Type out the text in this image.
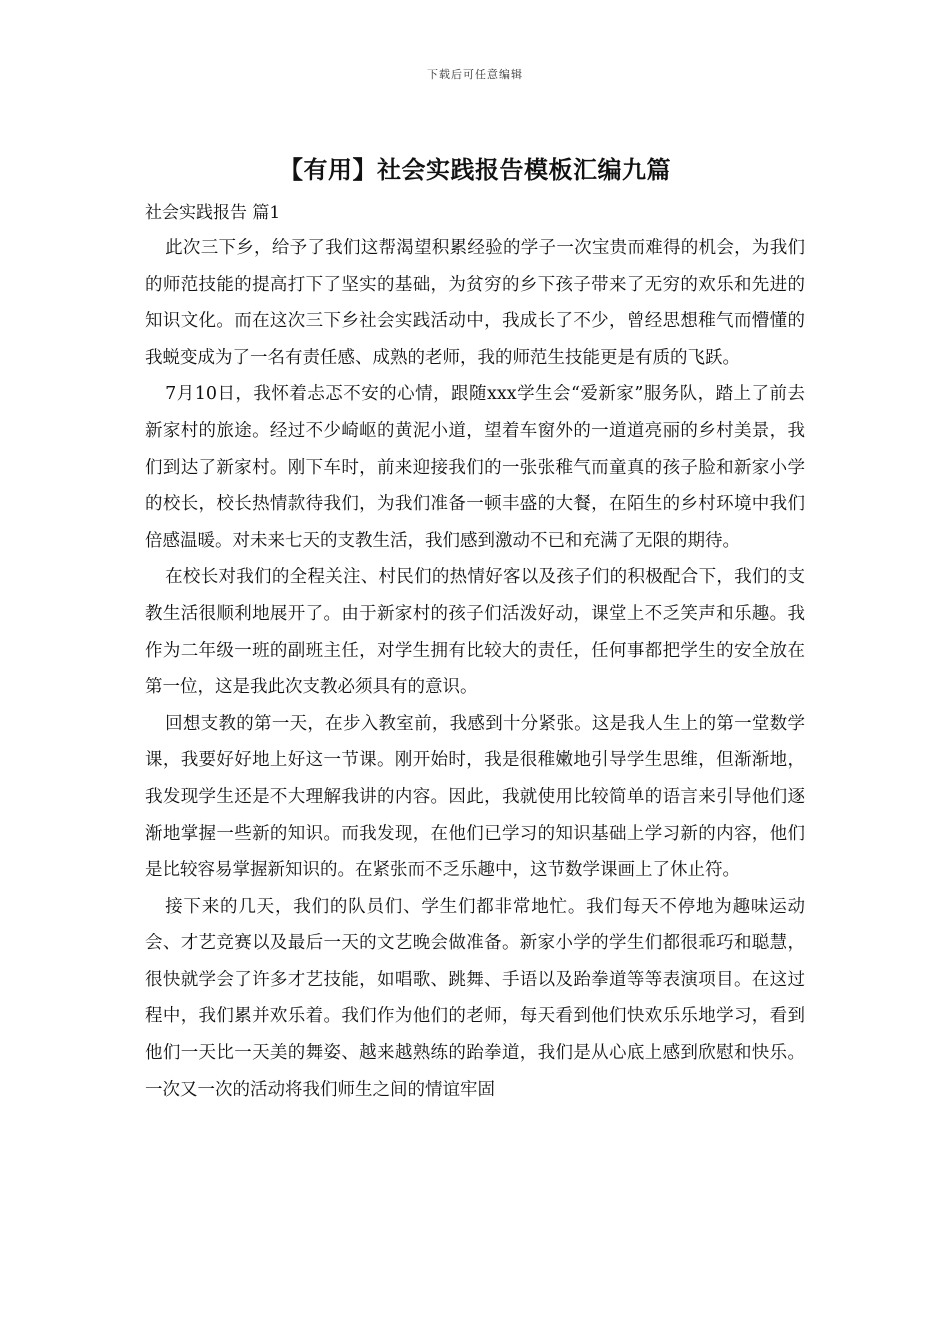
下载后可任意编辑
【有用】社会实践报告模板汇编九篇
社会实践报告 篇1

此次三下乡，给予了我们这帮渴望积累经验的学子一次宝贵而难得的机会，为我们的师范技能的提高打下了坚实的基础，为贫穷的乡下孩子带来了无穷的欢乐和先进的知识文化。而在这次三下乡社会实践活动中，我成长了不少，曾经思想稚气而懵懂的我蜕变成为了一名有责任感、成熟的老师，我的师范生技能更是有质的飞跃。

7月10日，我怀着忐忑不安的心情，跟随xxx学生会“爱新家”服务队，踏上了前去新家村的旅途。经过不少崎岖的黄泥小道，望着车窗外的一道道亮丽的乡村美景，我们到达了新家村。刚下车时，前来迎接我们的一张张稚气而童真的孩子脸和新家小学的校长，校长热情款待我们，为我们准备一顿丰盛的大餐，在陌生的乡村环境中我们倍感温暖。对未来七天的支教生活，我们感到激动不已和充满了无限的期待。

在校长对我们的全程关注、村民们的热情好客以及孩子们的积极配合下，我们的支教生活很顺利地展开了。由于新家村的孩子们活泼好动，课堂上不乏笑声和乐趣。我作为二年级一班的副班主任，对学生拥有比较大的责任，任何事都把学生的安全放在第一位，这是我此次支教必须具有的意识。

回想支教的第一天，在步入教室前，我感到十分紧张。这是我人生上的第一堂数学课，我要好好地上好这一节课。刚开始时，我是很稚嫩地引导学生思维，但渐渐地，我发现学生还是不大理解我讲的内容。因此，我就使用比较简单的语言来引导他们逐渐地掌握一些新的知识。而我发现，在他们已学习的知识基础上学习新的内容，他们是比较容易掌握新知识的。在紧张而不乏乐趣中，这节数学课画上了休止符。

接下来的几天，我们的队员们、学生们都非常地忙。我们每天不停地为趣味运动会、才艺竞赛以及最后一天的文艺晚会做准备。新家小学的学生们都很乖巧和聪慧，很快就学会了许多才艺技能，如唱歌、跳舞、手语以及跆拳道等等表演项目。在这过程中，我们累并欢乐着。我们作为他们的老师，每天看到他们快欢乐乐地学习，看到他们一天比一天美的舞姿、越来越熟练的跆拳道，我们是从心底上感到欣慰和快乐。一次又一次的活动将我们师生之间的情谊牢固
